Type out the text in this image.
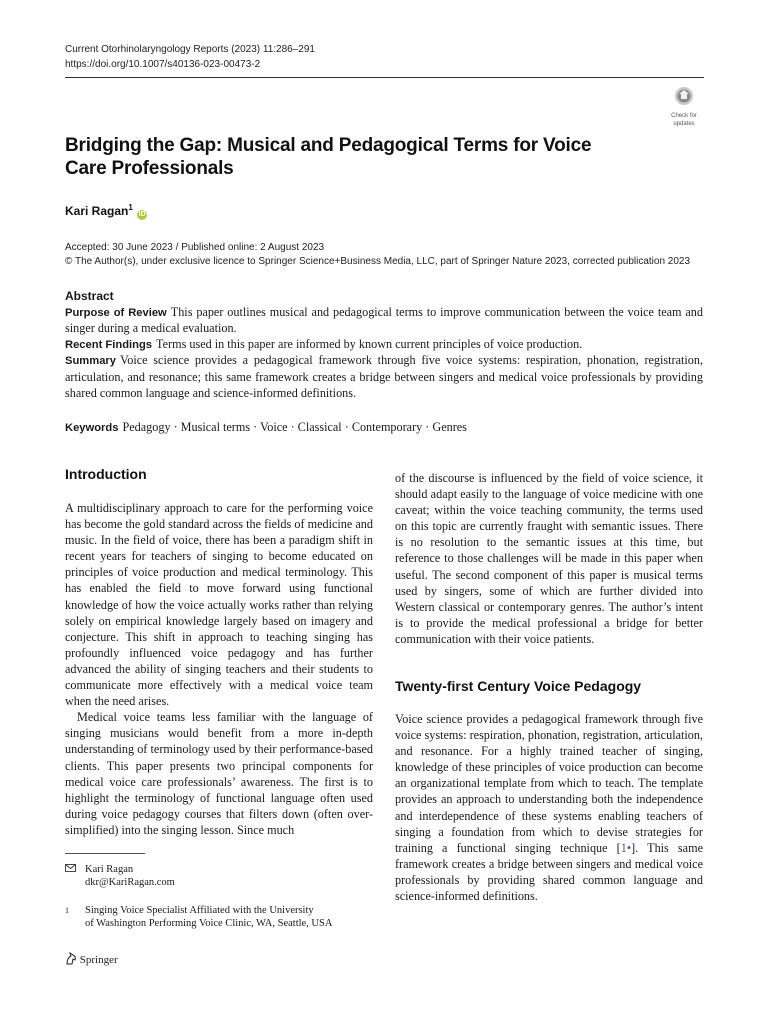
Current Otorhinolaryngology Reports (2023) 11:286–291
https://doi.org/10.1007/s40136-023-00473-2
Check for
updates
Bridging the Gap: Musical and Pedagogical Terms for Voice
Care Professionals
Kari Ragan$^1$ iD
Accepted: 30 June 2023 / Published online: 2 August 2023
© The Author(s), under exclusive licence to Springer Science+Business Media, LLC, part of Springer Nature 2023, corrected publication 2023
Abstract

Purpose of Review This paper outlines musical and pedagogical terms to improve communication between the voice team and singer during a medical evaluation.

Recent Findings Terms used in this paper are informed by known current principles of voice production.

Summary Voice science provides a pedagogical framework through five voice systems: respiration, phonation, registration, articulation, and resonance; this same framework creates a bridge between singers and medical voice professionals by providing shared common language and science-informed definitions.

Keywords Pedagogy · Musical terms · Voice · Classical · Contemporary · Genres
Introduction

A multidisciplinary approach to care for the performing voice has become the gold standard across the fields of medicine and music. In the field of voice, there has been a paradigm shift in recent years for teachers of singing to become educated on principles of voice production and medical terminology. This has enabled the field to move forward using functional knowledge of how the voice actually works rather than relying solely on empirical knowledge largely based on imagery and conjecture. This shift in approach to teaching singing has profoundly influenced voice pedagogy and has further advanced the ability of singing teachers and their students to communicate more effectively with a medical voice team when the need arises.

Medical voice teams less familiar with the language of singing musicians would benefit from a more in-depth understanding of terminology used by their performance-based clients. This paper presents two principal components for medical voice care professionals’ awareness. The first is to highlight the terminology of functional language often used during voice pedagogy courses that filters down (often over-simplified) into the singing lesson. Since much

of the discourse is influenced by the field of voice science, it should adapt easily to the language of voice medicine with one caveat; within the voice teaching community, the terms used on this topic are currently fraught with semantic issues. There is no resolution to the semantic issues at this time, but reference to those challenges will be made in this paper when useful. The second component of this paper is musical terms used by singers, some of which are further divided into Western classical or contemporary genres. The author’s intent is to provide the medical professional a bridge for better communication with their voice patients.

Twenty-first Century Voice Pedagogy

Voice science provides a pedagogical framework through five voice systems: respiration, phonation, registration, articulation, and resonance. For a highly trained teacher of singing, knowledge of these principles of voice production can become an organizational template from which to teach. The template provides an approach to understanding both the independence and interdependence of these systems enabling teachers of singing a foundation from which to devise strategies for training a functional singing technique [1•]. This same framework creates a bridge between singers and medical voice professionals by providing shared common language and science-informed definitions.

Kari Ragan
dkr@KariRagan.com
1 Singing Voice Specialist Affiliated with the University
of Washington Performing Voice Clinic, WA, Seattle, USA
Springer
